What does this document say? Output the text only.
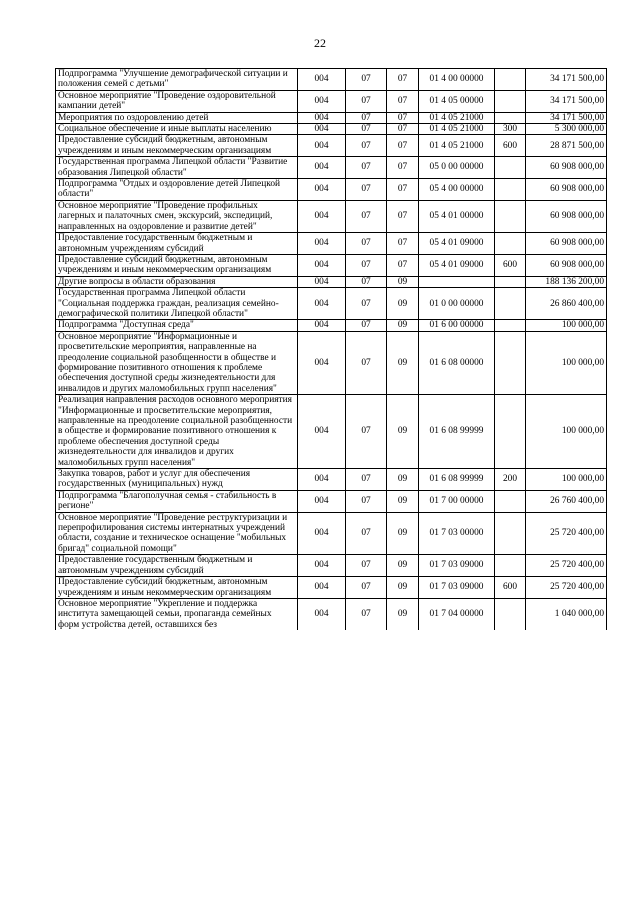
22
Подпрограмма "Улучшение демографической ситуации и положения семей с детьми"	004	07	07	01 4 00 00000		34 171 500,00
Основное мероприятие "Проведение оздоровительной кампании детей"	004	07	07	01 4 05 00000		34 171 500,00
Мероприятия по оздоровлению детей	004	07	07	01 4 05 21000		34 171 500,00
Социальное обеспечение и иные выплаты населению	004	07	07	01 4 05 21000	300	5 300 000,00
Предоставление субсидий бюджетным, автономным учреждениям и иным некоммерческим организациям	004	07	07	01 4 05 21000	600	28 871 500,00
Государственная программа Липецкой области "Развитие образования Липецкой области"	004	07	07	05 0 00 00000		60 908 000,00
Подпрограмма "Отдых и оздоровление детей Липецкой области"	004	07	07	05 4 00 00000		60 908 000,00
Основное мероприятие "Проведение профильных лагерных и палаточных смен, экскурсий, экспедиций, направленных на оздоровление и развитие детей"	004	07	07	05 4 01 00000		60 908 000,00
Предоставление государственным бюджетным и автономным учреждениям субсидий	004	07	07	05 4 01 09000		60 908 000,00
Предоставление субсидий бюджетным, автономным учреждениям и иным некоммерческим организациям	004	07	07	05 4 01 09000	600	60 908 000,00
Другие вопросы в области образования	004	07	09			188 136 200,00
Государственная программа Липецкой области "Социальная поддержка граждан, реализация семейно-демографической политики Липецкой области"	004	07	09	01 0 00 00000		26 860 400,00
Подпрограмма "Доступная среда"	004	07	09	01 6 00 00000		100 000,00
Основное мероприятие "Информационные и просветительские мероприятия, направленные на преодоление социальной разобщенности в обществе и формирование позитивного отношения к проблеме обеспечения доступной среды жизнедеятельности для инвалидов и других маломобильных групп населения"	004	07	09	01 6 08 00000		100 000,00
Реализация направления расходов основного мероприятия "Информационные и просветительские мероприятия, направленные на преодоление социальной разобщенности в обществе и формирование позитивного отношения к проблеме обеспечения доступной среды жизнедеятельности для инвалидов и других маломобильных групп населения"	004	07	09	01 6 08 99999		100 000,00
Закупка товаров, работ и услуг для обеспечения государственных (муниципальных) нужд	004	07	09	01 6 08 99999	200	100 000,00
Подпрограмма "Благополучная семья - стабильность в регионе"	004	07	09	01 7 00 00000		26 760 400,00
Основное мероприятие "Проведение реструктуризации и перепрофилирования системы интернатных учреждений области, создание и техническое оснащение "мобильных бригад" социальной помощи"	004	07	09	01 7 03 00000		25 720 400,00
Предоставление государственным бюджетным и автономным учреждениям субсидий	004	07	09	01 7 03 09000		25 720 400,00
Предоставление субсидий бюджетным, автономным учреждениям и иным некоммерческим организациям	004	07	09	01 7 03 09000	600	25 720 400,00
Основное мероприятие "Укрепление и поддержка института замещающей семьи, пропаганда семейных форм устройства детей, оставшихся без	004	07	09	01 7 04 00000		1 040 000,00
